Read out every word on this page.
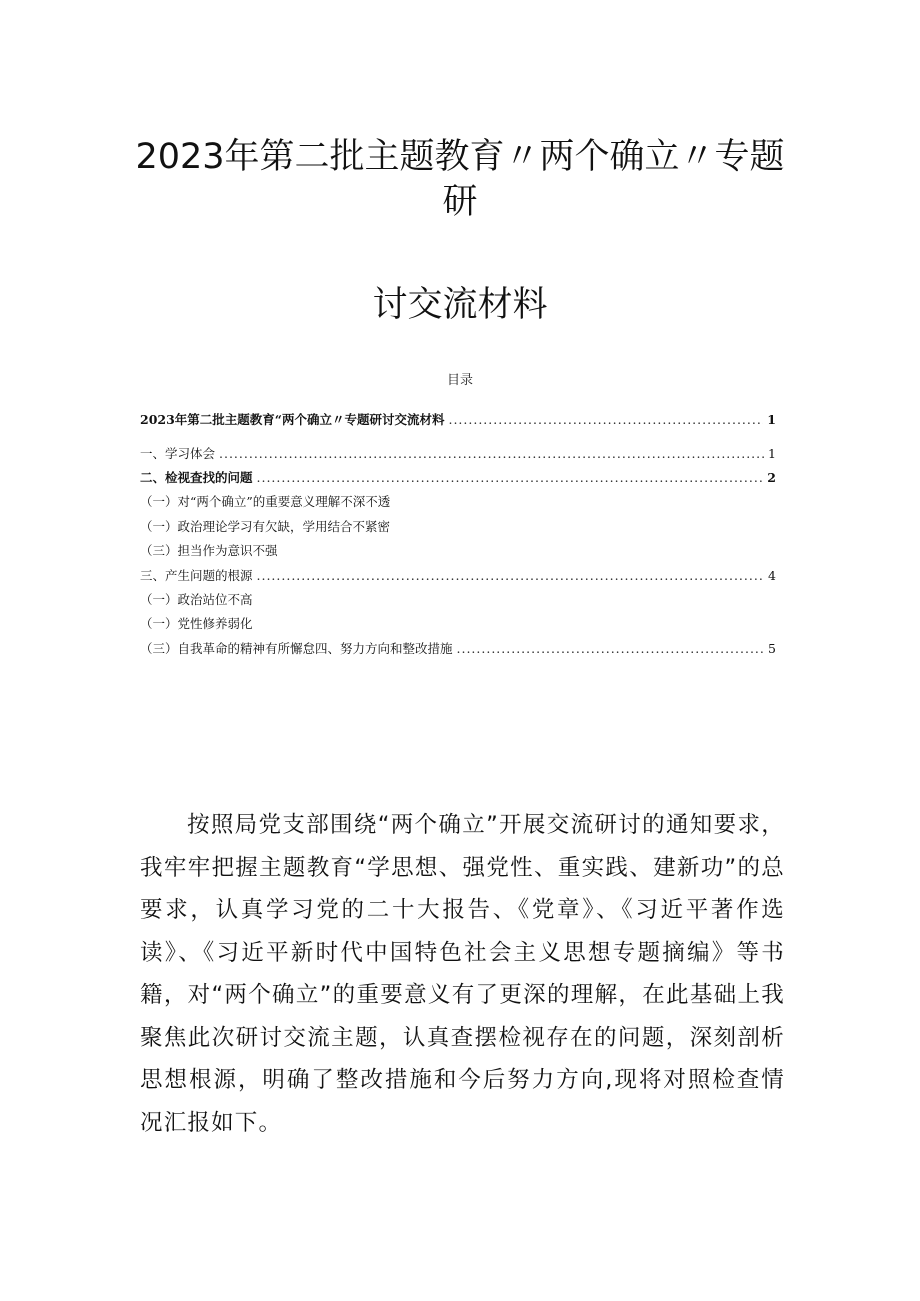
2023年第二批主题教育〃两个确立〃专题
研
讨交流材料
目录
2023年第二批主题教育“两个确立〃专题研讨交流材料 .....	1
一、学习体会 .....	1
二、检视查找的问题 .....	2
（一）对“两个确立”的重要意义理解不深不透
（一）政治理论学习有欠缺，学用结合不紧密
（三）担当作为意识不强
三、产生问题的根源 .....	4
（一）政治站位不高
（一）党性修养弱化
（三）自我革命的精神有所懈怠四、努力方向和整改措施 .....	5
按照局党支部围绕“两个确立”开展交流研讨的通知要求，我牢牢把握主题教育“学思想、强党性、重实践、建新功”的总要求，认真学习党的二十大报告、《党章》、《习近平著作选读》、《习近平新时代中国特色社会主义思想专题摘编》等书籍，对“两个确立”的重要意义有了更深的理解，在此基础上我聚焦此次研讨交流主题，认真查摆检视存在的问题，深刻剖析思想根源，明确了整改措施和今后努力方向,现将对照检查情况汇报如下。
